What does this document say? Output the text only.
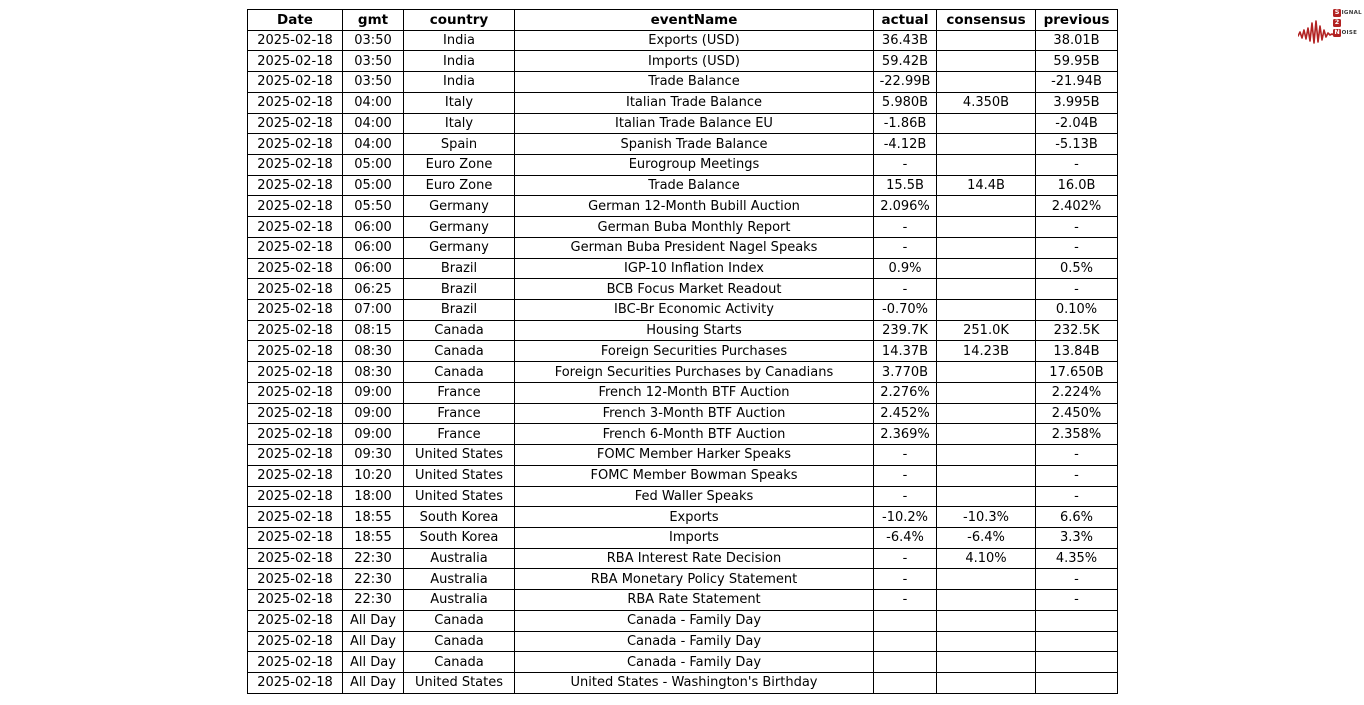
Date	gmt	country	eventName	actual	consensus	previous
2025-02-18	03:50	India	Exports (USD)	36.43B		38.01B
2025-02-18	03:50	India	Imports (USD)	59.42B		59.95B
2025-02-18	03:50	India	Trade Balance	-22.99B		-21.94B
2025-02-18	04:00	Italy	Italian Trade Balance	5.980B	4.350B	3.995B
2025-02-18	04:00	Italy	Italian Trade Balance EU	-1.86B		-2.04B
2025-02-18	04:00	Spain	Spanish Trade Balance	-4.12B		-5.13B
2025-02-18	05:00	Euro Zone	Eurogroup Meetings	-		-
2025-02-18	05:00	Euro Zone	Trade Balance	15.5B	14.4B	16.0B
2025-02-18	05:50	Germany	German 12-Month Bubill Auction	2.096%		2.402%
2025-02-18	06:00	Germany	German Buba Monthly Report	-		-
2025-02-18	06:00	Germany	German Buba President Nagel Speaks	-		-
2025-02-18	06:00	Brazil	IGP-10 Inflation Index	0.9%		0.5%
2025-02-18	06:25	Brazil	BCB Focus Market Readout	-		-
2025-02-18	07:00	Brazil	IBC-Br Economic Activity	-0.70%		0.10%
2025-02-18	08:15	Canada	Housing Starts	239.7K	251.0K	232.5K
2025-02-18	08:30	Canada	Foreign Securities Purchases	14.37B	14.23B	13.84B
2025-02-18	08:30	Canada	Foreign Securities Purchases by Canadians	3.770B		17.650B
2025-02-18	09:00	France	French 12-Month BTF Auction	2.276%		2.224%
2025-02-18	09:00	France	French 3-Month BTF Auction	2.452%		2.450%
2025-02-18	09:00	France	French 6-Month BTF Auction	2.369%		2.358%
2025-02-18	09:30	United States	FOMC Member Harker Speaks	-		-
2025-02-18	10:20	United States	FOMC Member Bowman Speaks	-		-
2025-02-18	18:00	United States	Fed Waller Speaks	-		-
2025-02-18	18:55	South Korea	Exports	-10.2%	-10.3%	6.6%
2025-02-18	18:55	South Korea	Imports	-6.4%	-6.4%	3.3%
2025-02-18	22:30	Australia	RBA Interest Rate Decision	-	4.10%	4.35%
2025-02-18	22:30	Australia	RBA Monetary Policy Statement	-		-
2025-02-18	22:30	Australia	RBA Rate Statement	-		-
2025-02-18	All Day	Canada	Canada - Family Day			
2025-02-18	All Day	Canada	Canada - Family Day			
2025-02-18	All Day	Canada	Canada - Family Day			
2025-02-18	All Day	United States	United States - Washington's Birthday			
S IGNAL
2
N OISE
